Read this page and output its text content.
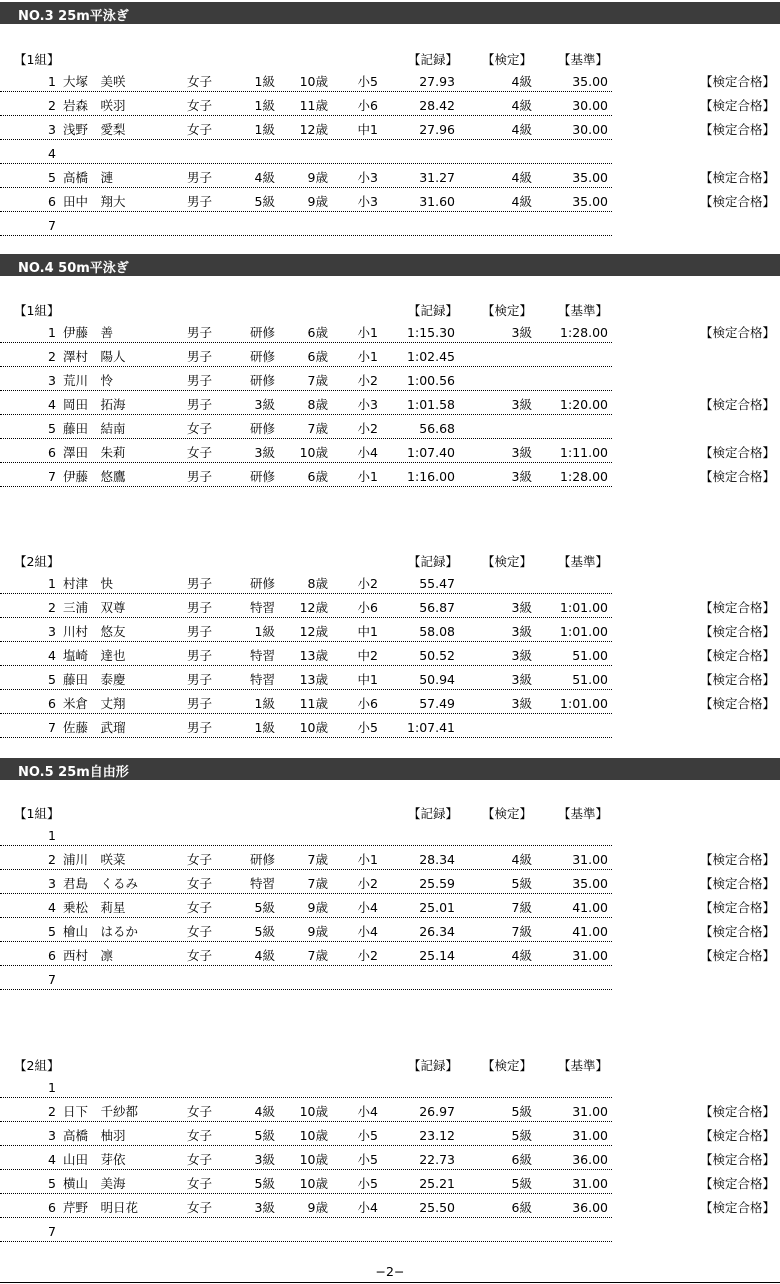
NO.3 25m平泳ぎ
【1組】	【記録】 【検定】 【基準】
1 大塚　美咲	女子	1級	10歳	小5	27.93	4級	35.00	【検定合格】
2 岩森　咲羽	女子	1級	11歳	小6	28.42	4級	30.00	【検定合格】
3 浅野　愛梨	女子	1級	12歳	中1	27.96	4級	30.00	【検定合格】
4
5 高橋　漣	男子	4級	9歳	小3	31.27	4級	35.00	【検定合格】
6 田中　翔大	男子	5級	9歳	小3	31.60	4級	35.00	【検定合格】
7
NO.4 50m平泳ぎ
【1組】	【記録】 【検定】 【基準】
1 伊藤　善	男子	研修	6歳	小1	1:15.30	3級	1:28.00	【検定合格】
2 澤村　陽人	男子	研修	6歳	小1	1:02.45
3 荒川　怜	男子	研修	7歳	小2	1:00.56
4 岡田　拓海	男子	3級	8歳	小3	1:01.58	3級	1:20.00	【検定合格】
5 藤田　結南	女子	研修	7歳	小2	56.68
6 澤田　朱莉	女子	3級	10歳	小4	1:07.40	3級	1:11.00	【検定合格】
7 伊藤　悠鷹	男子	研修	6歳	小1	1:16.00	3級	1:28.00	【検定合格】
【2組】	【記録】 【検定】 【基準】
1 村津　快	男子	研修	8歳	小2	55.47
2 三浦　双尊	男子	特習	12歳	小6	56.87	3級	1:01.00	【検定合格】
3 川村　悠友	男子	1級	12歳	中1	58.08	3級	1:01.00	【検定合格】
4 塩崎　達也	男子	特習	13歳	中2	50.52	3級	51.00	【検定合格】
5 藤田　泰慶	男子	特習	13歳	中1	50.94	3級	51.00	【検定合格】
6 米倉　丈翔	男子	1級	11歳	小6	57.49	3級	1:01.00	【検定合格】
7 佐藤　武瑠	男子	1級	10歳	小5	1:07.41
NO.5 25m自由形
【1組】	【記録】 【検定】 【基準】
1
2 浦川　咲菜	女子	研修	7歳	小1	28.34	4級	31.00	【検定合格】
3 君島　くるみ	女子	特習	7歳	小2	25.59	5級	35.00	【検定合格】
4 乗松　莉星	女子	5級	9歳	小4	25.01	7級	41.00	【検定合格】
5 檜山　はるか	女子	5級	9歳	小4	26.34	7級	41.00	【検定合格】
6 西村　凛	女子	4級	7歳	小2	25.14	4級	31.00	【検定合格】
7
【2組】	【記録】 【検定】 【基準】
1
2 日下　千紗都	女子	4級	10歳	小4	26.97	5級	31.00	【検定合格】
3 高橋　柚羽	女子	5級	10歳	小5	23.12	5級	31.00	【検定合格】
4 山田　芽依	女子	3級	10歳	小5	22.73	6級	36.00	【検定合格】
5 横山　美海	女子	5級	10歳	小5	25.21	5級	31.00	【検定合格】
6 芹野　明日花	女子	3級	9歳	小4	25.50	6級	36.00	【検定合格】
7
−2−
